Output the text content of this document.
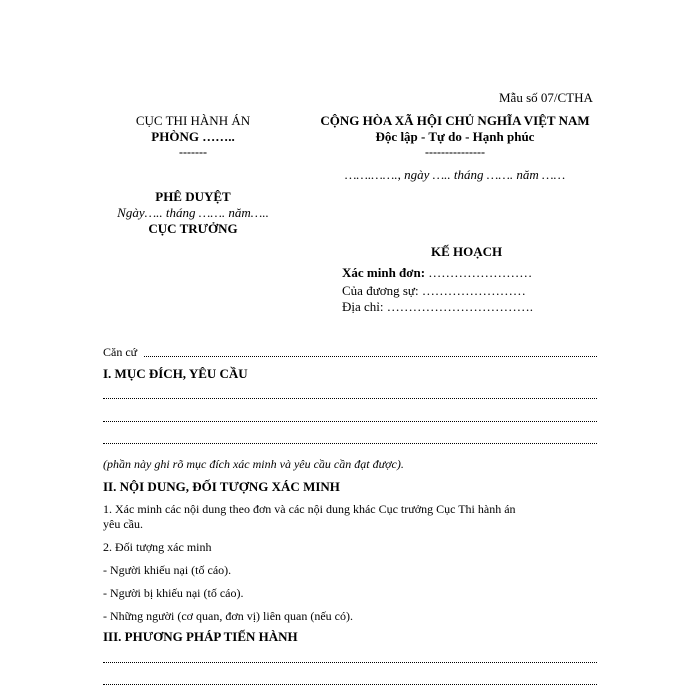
Mẫu số 07/CTHA
CỤC THI HÀNH ÁN
PHÒNG ……..
-------
CỘNG HÒA XÃ HỘI CHỦ NGHĨA VIỆT NAM
Độc lập - Tự do - Hạnh phúc
---------------
…….……., ngày ….. tháng ……. năm ……
PHÊ DUYỆT
Ngày….. tháng ……. năm…..
CỤC TRƯỞNG
KẾ HOẠCH
Xác minh đơn: ……………………
Của đương sự: ……………………
Địa chỉ: …………………………….
Căn cứ
I. MỤC ĐÍCH, YÊU CẦU
(phần này ghi rõ mục đích xác minh và yêu cầu cần đạt được).
II. NỘI DUNG, ĐỐI TƯỢNG XÁC MINH
1. Xác minh các nội dung theo đơn và các nội dung khác Cục trưởng Cục Thi hành án
yêu cầu.
2. Đối tượng xác minh
- Người khiếu nại (tố cáo).
- Người bị khiếu nại (tố cáo).
- Những người (cơ quan, đơn vị) liên quan (nếu có).
III. PHƯƠNG PHÁP TIẾN HÀNH
